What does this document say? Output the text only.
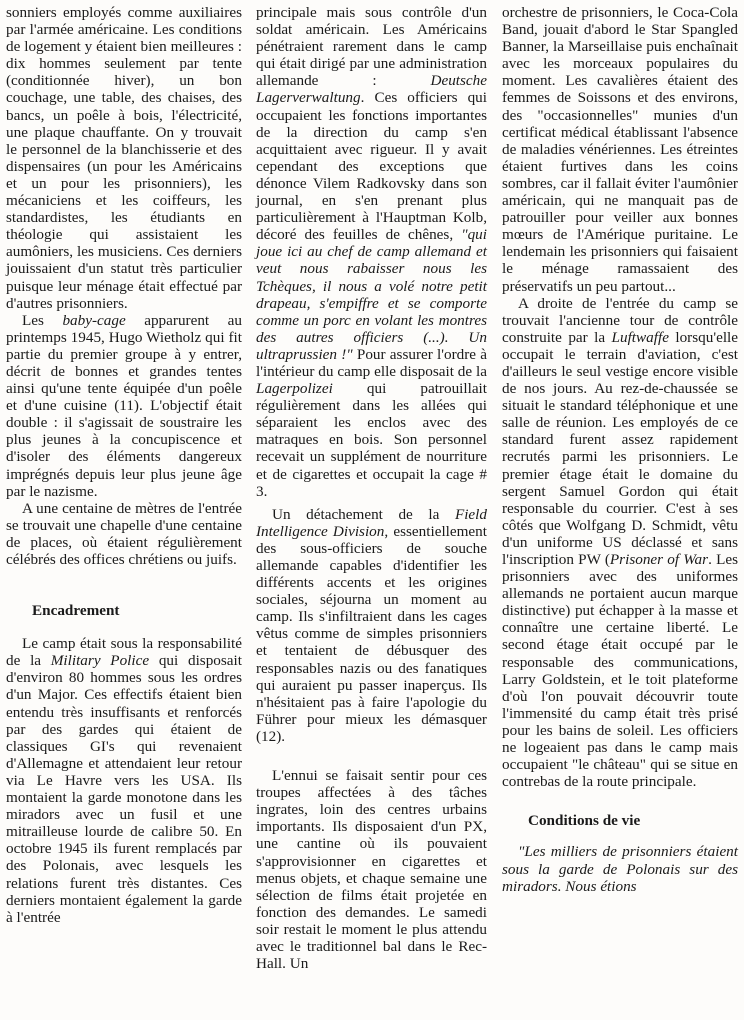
sonniers employés comme auxiliaires par l'armée américaine. Les conditions de logement y étaient bien meilleures : dix hommes seulement par tente (conditionnée hiver), un bon couchage, une table, des chaises, des bancs, un poêle à bois, l'électricité, une plaque chauffante. On y trouvait le personnel de la blanchisserie et des dispensaires (un pour les Américains et un pour les prisonniers), les mécaniciens et les coiffeurs, les standardistes, les étudiants en théologie qui assistaient les aumôniers, les musiciens. Ces derniers jouissaient d'un statut très particulier puisque leur ménage était effectué par d'autres prisonniers.

Les baby-cage apparurent au printemps 1945, Hugo Wietholz qui fit partie du premier groupe à y entrer, décrit de bonnes et grandes tentes ainsi qu'une tente équipée d'un poêle et d'une cuisine (11). L'objectif était double : il s'agissait de soustraire les plus jeunes à la concupiscence et d'isoler des éléments dangereux imprégnés depuis leur plus jeune âge par le nazisme.

A une centaine de mètres de l'entrée se trouvait une chapelle d'une centaine de places, où étaient régulièrement célébrés des offices chrétiens ou juifs.

Encadrement

Le camp était sous la responsabilité de la Military Police qui disposait d'environ 80 hommes sous les ordres d'un Major. Ces effectifs étaient bien entendu très insuffisants et renforcés par des gardes qui étaient de classiques GI's qui revenaient d'Allemagne et attendaient leur retour via Le Havre vers les USA. Ils montaient la garde monotone dans les miradors avec un fusil et une mitrailleuse lourde de calibre 50. En octobre 1945 ils furent remplacés par des Polonais, avec lesquels les relations furent très distantes. Ces derniers montaient également la garde à l'entrée

principale mais sous contrôle d'un soldat américain. Les Américains pénétraient rarement dans le camp qui était dirigé par une administration allemande : Deutsche Lagerverwaltung. Ces officiers qui occupaient les fonctions importantes de la direction du camp s'en acquittaient avec rigueur. Il y avait cependant des exceptions que dénonce Vilem Radkovsky dans son journal, en s'en prenant plus particulièrement à l'Hauptman Kolb, décoré des feuilles de chênes, "qui joue ici au chef de camp allemand et veut nous rabaisser nous les Tchèques, il nous a volé notre petit drapeau, s'empiffre et se comporte comme un porc en volant les montres des autres officiers (...). Un ultraprussien !" Pour assurer l'ordre à l'intérieur du camp elle disposait de la Lagerpolizei qui patrouillait régulièrement dans les allées qui séparaient les enclos avec des matraques en bois. Son personnel recevait un supplément de nourriture et de cigarettes et occupait la cage # 3.

Un détachement de la Field Intelligence Division, essentiellement des sous-officiers de souche allemande capables d'identifier les différents accents et les origines sociales, séjourna un moment au camp. Ils s'infiltraient dans les cages vêtus comme de simples prisonniers et tentaient de débusquer des responsables nazis ou des fanatiques qui auraient pu passer inaperçus. Ils n'hésitaient pas à faire l'apologie du Führer pour mieux les démasquer (12).

L'ennui se faisait sentir pour ces troupes affectées à des tâches ingrates, loin des centres urbains importants. Ils disposaient d'un PX, une cantine où ils pouvaient s'approvisionner en cigarettes et menus objets, et chaque semaine une sélection de films était projetée en fonction des demandes. Le samedi soir restait le moment le plus attendu avec le traditionnel bal dans le Rec-Hall. Un

orchestre de prisonniers, le Coca-Cola Band, jouait d'abord le Star Spangled Banner, la Marseillaise puis enchaînait avec les morceaux populaires du moment. Les cavalières étaient des femmes de Soissons et des environs, des "occasionnelles" munies d'un certificat médical établissant l'absence de maladies vénériennes. Les étreintes étaient furtives dans les coins sombres, car il fallait éviter l'aumônier américain, qui ne manquait pas de patrouiller pour veiller aux bonnes mœurs de l'Amérique puritaine. Le lendemain les prisonniers qui faisaient le ménage ramassaient des préservatifs un peu partout...

A droite de l'entrée du camp se trouvait l'ancienne tour de contrôle construite par la Luftwaffe lorsqu'elle occupait le terrain d'aviation, c'est d'ailleurs le seul vestige encore visible de nos jours. Au rez-de-chaussée se situait le standard téléphonique et une salle de réunion. Les employés de ce standard furent assez rapidement recrutés parmi les prisonniers. Le premier étage était le domaine du sergent Samuel Gordon qui était responsable du courrier. C'est à ses côtés que Wolfgang D. Schmidt, vêtu d'un uniforme US déclassé et sans l'inscription PW (Prisoner of War. Les prisonniers avec des uniformes allemands ne portaient aucun marque distinctive) put échapper à la masse et connaître une certaine liberté. Le second étage était occupé par le responsable des communications, Larry Goldstein, et le toit plateforme d'où l'on pouvait découvrir toute l'immensité du camp était très prisé pour les bains de soleil. Les officiers ne logeaient pas dans le camp mais occupaient "le château" qui se situe en contrebas de la route principale.

Conditions de vie

"Les milliers de prisonniers étaient sous la garde de Polonais sur des miradors. Nous étions
